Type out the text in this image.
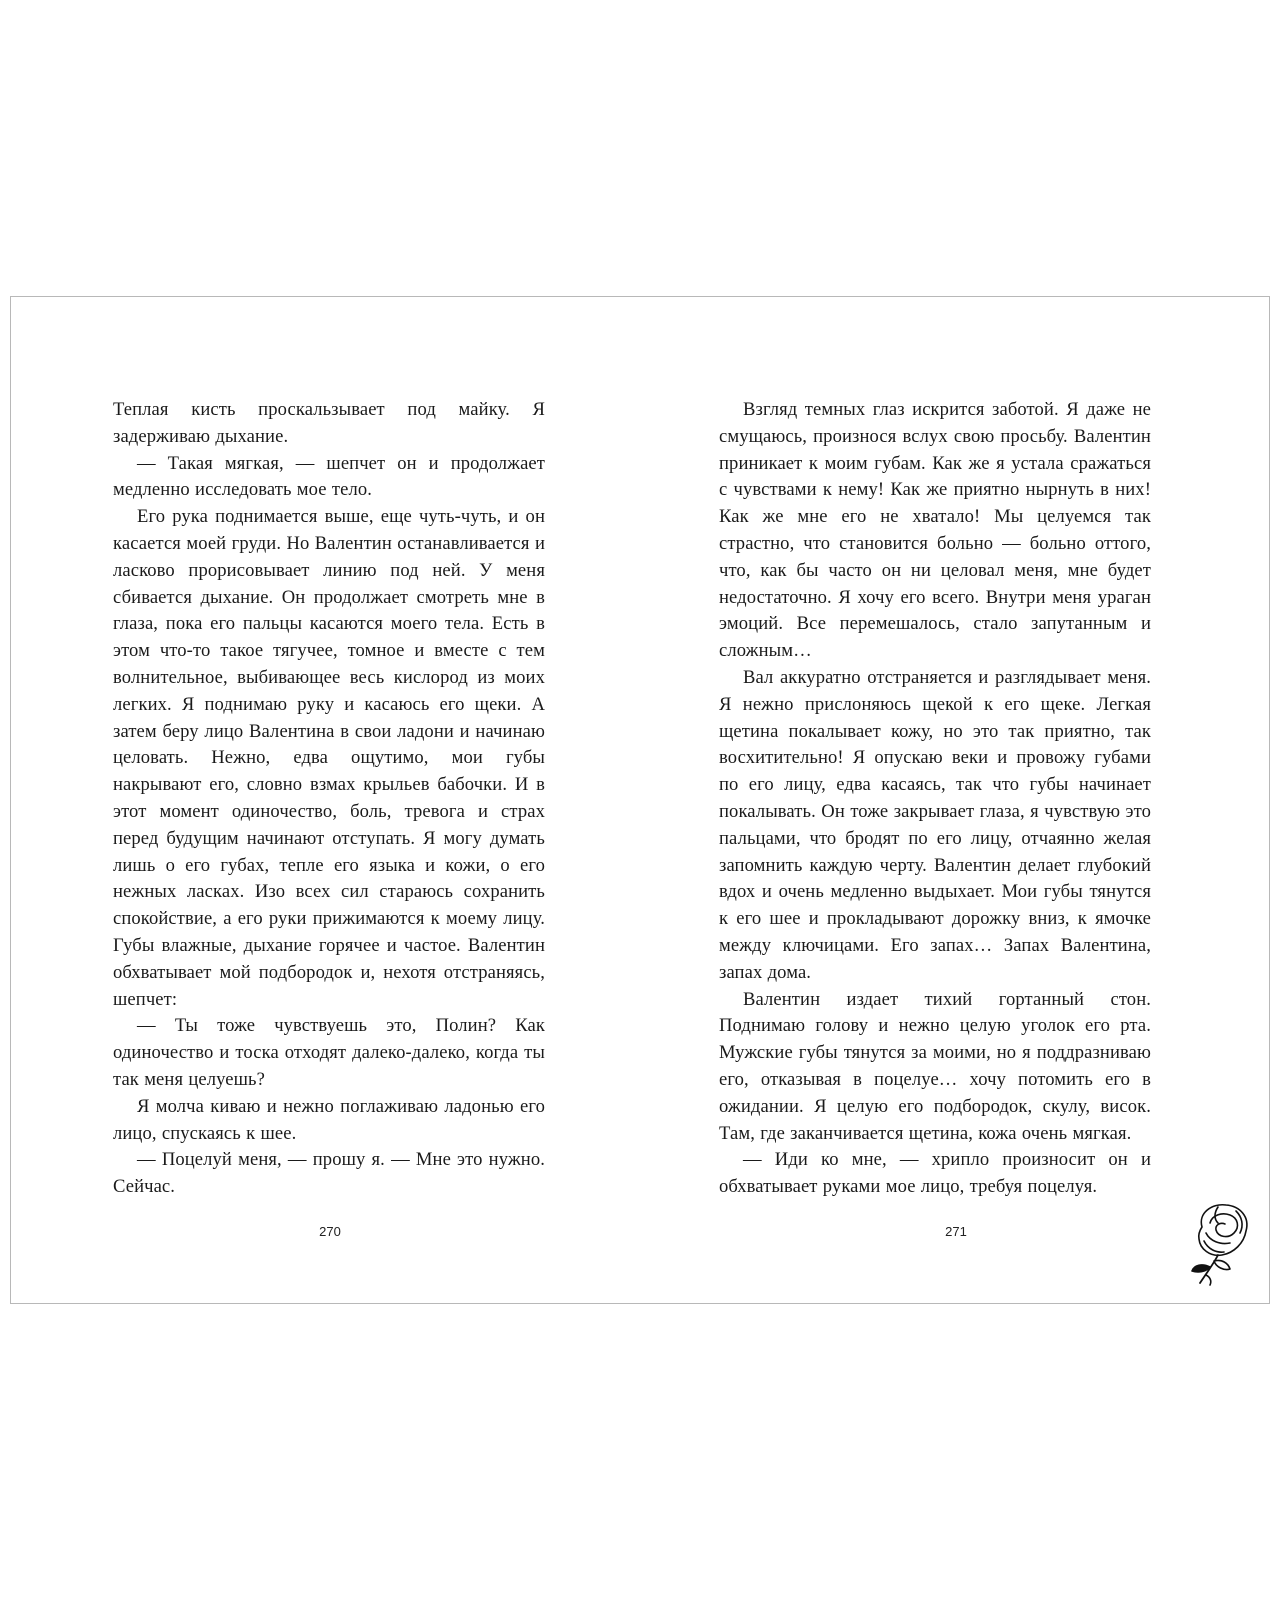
Теплая кисть проскальзывает под майку. Я задерживаю дыхание.

— Такая мягкая, — шепчет он и продолжает медленно исследовать мое тело.

Его рука поднимается выше, еще чуть-чуть, и он касается моей груди. Но Валентин останавливается и ласково прорисовывает линию под ней. У меня сбивается дыхание. Он продолжает смотреть мне в глаза, пока его пальцы касаются моего тела. Есть в этом что-то такое тягучее, томное и вместе с тем волнительное, выбивающее весь кислород из моих легких. Я поднимаю руку и касаюсь его щеки. А затем беру лицо Валентина в свои ладони и начинаю целовать. Нежно, едва ощутимо, мои губы накрывают его, словно взмах крыльев бабочки. И в этот момент одиночество, боль, тревога и страх перед будущим начинают отступать. Я могу думать лишь о его губах, тепле его языка и кожи, о его нежных ласках. Изо всех сил стараюсь сохранить спокойствие, а его руки прижимаются к моему лицу. Губы влажные, дыхание горячее и частое. Валентин обхватывает мой подбородок и, нехотя отстраняясь, шепчет:

— Ты тоже чувствуешь это, Полин? Как одиночество и тоска отходят далеко-далеко, когда ты так меня целуешь?

Я молча киваю и нежно поглаживаю ладонью его лицо, спускаясь к шее.

— Поцелуй меня, — прошу я. — Мне это нужно. Сейчас.

Взгляд темных глаз искрится заботой. Я даже не смущаюсь, произнося вслух свою просьбу. Валентин приникает к моим губам. Как же я устала сражаться с чувствами к нему! Как же приятно нырнуть в них! Как же мне его не хватало! Мы целуемся так страстно, что становится больно — больно оттого, что, как бы часто он ни целовал меня, мне будет недостаточно. Я хочу его всего. Внутри меня ураган эмоций. Все перемешалось, стало запутанным и сложным…

Вал аккуратно отстраняется и разглядывает меня. Я нежно прислоняюсь щекой к его щеке. Легкая щетина покалывает кожу, но это так приятно, так восхитительно! Я опускаю веки и провожу губами по его лицу, едва касаясь, так что губы начинает покалывать. Он тоже закрывает глаза, я чувствую это пальцами, что бродят по его лицу, отчаянно желая запомнить каждую черту. Валентин делает глубокий вдох и очень медленно выдыхает. Мои губы тянутся к его шее и прокладывают дорожку вниз, к ямочке между ключицами. Его запах… Запах Валентина, запах дома.

Валентин издает тихий гортанный стон. Поднимаю голову и нежно целую уголок его рта. Мужские губы тянутся за моими, но я поддразниваю его, отказывая в поцелуе… хочу потомить его в ожидании. Я целую его подбородок, скулу, висок. Там, где заканчивается щетина, кожа очень мягкая.

— Иди ко мне, — хрипло произносит он и обхватывает руками мое лицо, требуя поцелуя.

270	271
